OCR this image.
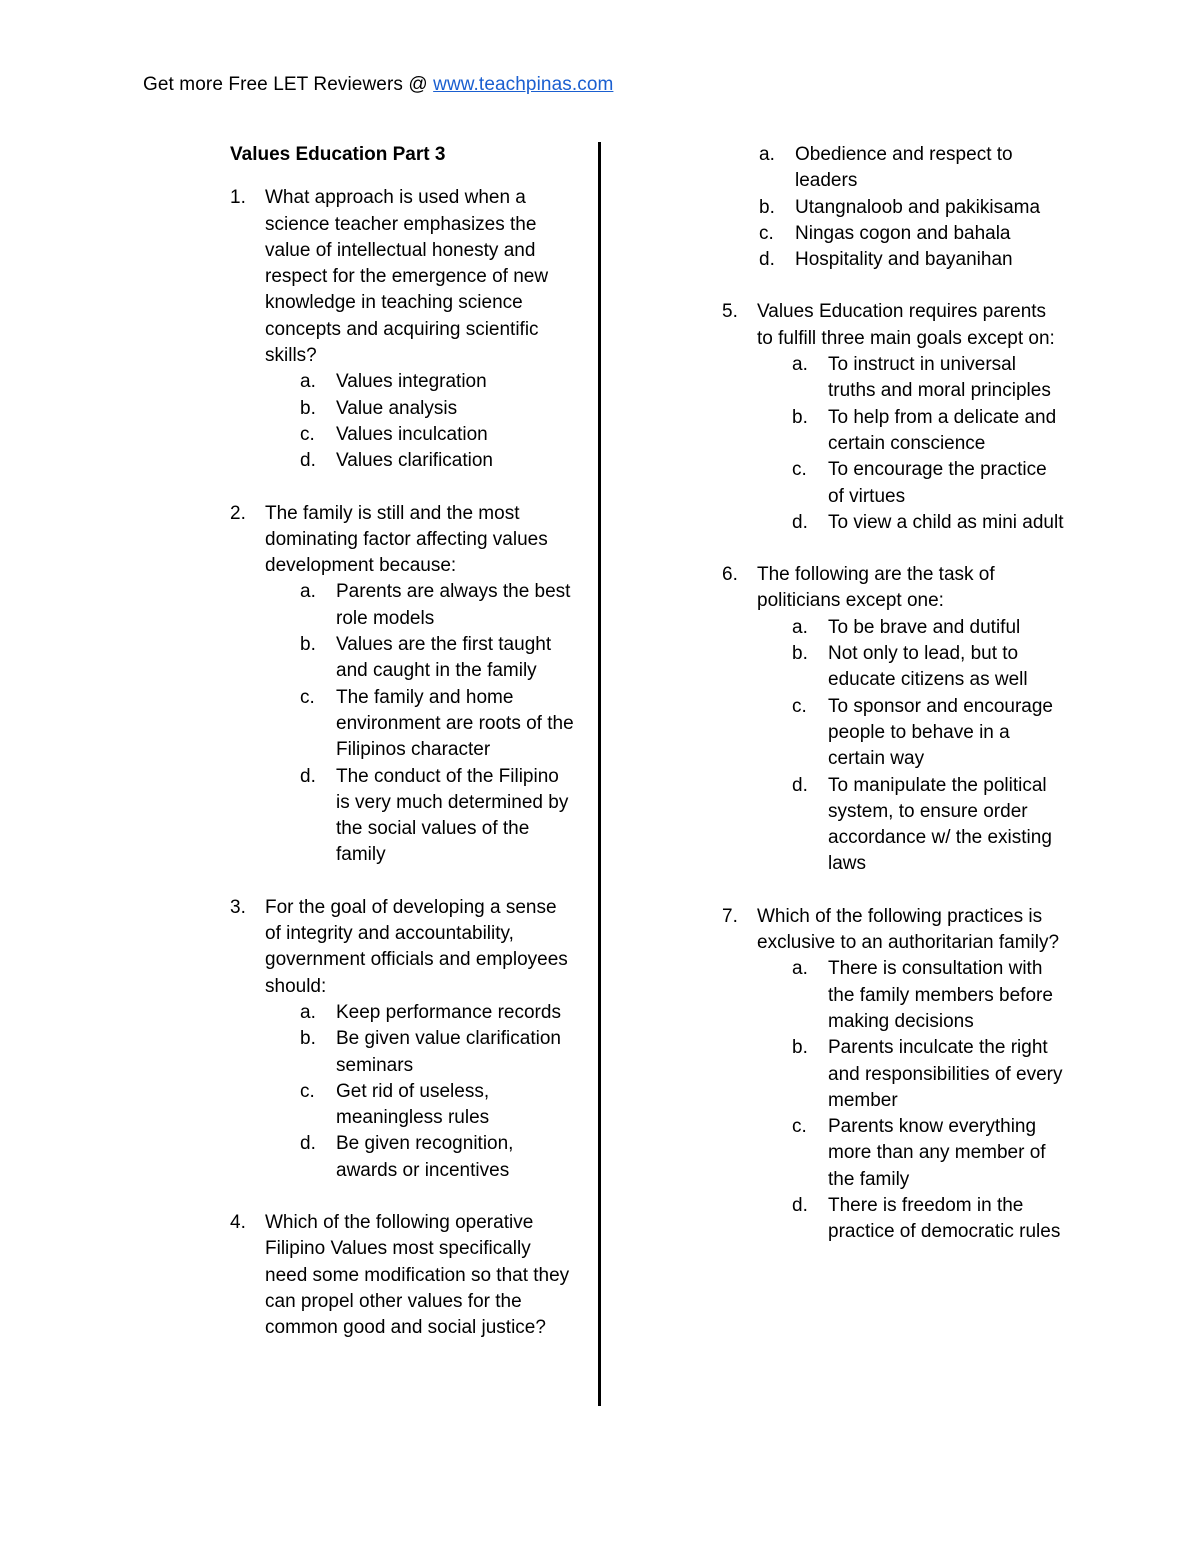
Get more Free LET Reviewers @ www.teachpinas.com
Values Education Part 3

1. What approach is used when a science teacher emphasizes the value of intellectual honesty and respect for the emergence of new knowledge in teaching science concepts and acquiring scientific skills?

a. Values integration
b. Value analysis
c. Values inculcation
d. Values clarification

2. The family is still and the most dominating factor affecting values development because:

a. Parents are always the best role models
b. Values are the first taught and caught in the family
c. The family and home environment are roots of the Filipinos character
d. The conduct of the Filipino is very much determined by the social values of the family

3. For the goal of developing a sense of integrity and accountability, government officials and employees should:

a. Keep performance records
b. Be given value clarification seminars
c. Get rid of useless, meaningless rules
d. Be given recognition, awards or incentives

4. Which of the following operative Filipino Values most specifically need some modification so that they can propel other values for the common good and social justice?

a. Obedience and respect to leaders
b. Utangnaloob and pakikisama
c. Ningas cogon and bahala
d. Hospitality and bayanihan

5. Values Education requires parents to fulfill three main goals except on:

a. To instruct in universal truths and moral principles
b. To help from a delicate and certain conscience
c. To encourage the practice of virtues
d. To view a child as mini adult

6. The following are the task of politicians except one:

a. To be brave and dutiful
b. Not only to lead, but to educate citizens as well
c. To sponsor and encourage people to behave in a certain way
d. To manipulate the political system, to ensure order accordance w/ the existing laws

7. Which of the following practices is exclusive to an authoritarian family?

a. There is consultation with the family members before making decisions
b. Parents inculcate the right and responsibilities of every member
c. Parents know everything more than any member of the family
d. There is freedom in the practice of democratic rules
